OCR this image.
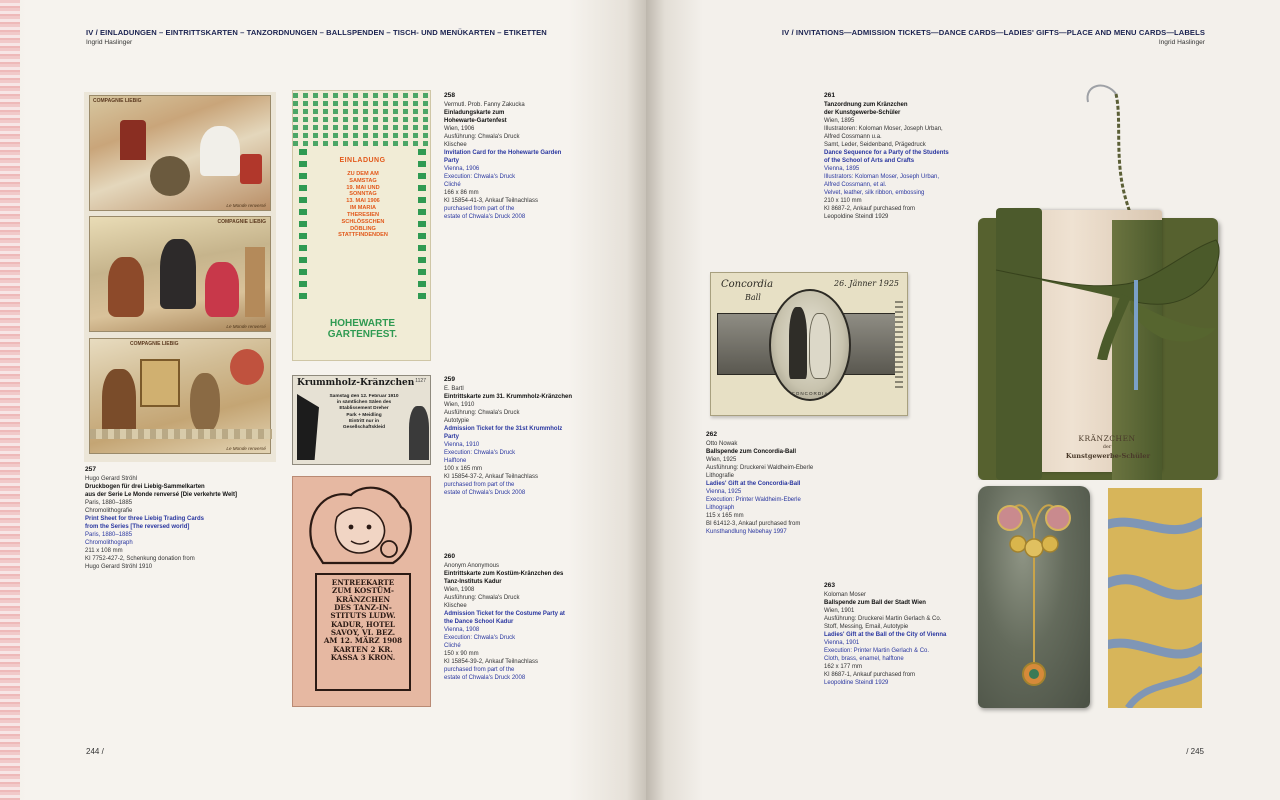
IV / EINLADUNGEN – EINTRITTSKARTEN – TANZORDNUNGEN – BALLSPENDEN – TISCH- UND MENÜKARTEN – ETIKETTEN
Ingrid Haslinger
COMPAGNIE LIEBIG
Le Monde renversé
COMPAGNIE LIEBIG
Le Monde renversé
COMPAGNIE LIEBIG
Le Monde renversé
257
Hugo Gerard Ströhl
Druckbogen für drei Liebig-Sammelkarten
aus der Serie Le Monde renversé [Die verkehrte Welt]
Paris, 1880–1885
Chromolithografie
Print Sheet for three Liebig Trading Cards
from the Series [The reversed world]
Paris, 1880–1885
Chromolithograph
211 x 108 mm
KI 7752-427-2, Schenkung donation from
Hugo Gerard Ströhl 1910
EINLADUNG
ZU DEM AM
SAMSTAG
19. MAI UND
SONNTAG
13. MAI 1906
IM MARIA
THERESIEN
SCHLÖSSCHEN
DÖBLING
STATTFINDENDEN
HOHEWARTE
GARTENFEST.
258
Vermutl. Prob. Fanny Zakucka
Einladungskarte zum
Hohewarte-Gartenfest
Wien, 1906
Ausführung: Chwala's Druck
Klischee
Invitation Card for the Hohewarte Garden
Party
Vienna, 1906
Execution: Chwala's Druck
Cliché
166 x 86 mm
KI 15854-41-3, Ankauf Teilnachlass
purchased from part of the
estate of Chwala's Druck 2008
Krummholz-Kränzchen 1127
Samstag den 12. Februar 1910
in sämtlichen Sälen des
Etablissement Dreher
Park + Meidling
Eintritt nur in
Gesellschaftskleid
259
E. Bartl
Eintrittskarte zum 31. Krummholz-Kränzchen
Wien, 1910
Ausführung: Chwala's Druck
Autotypie
Admission Ticket for the 31st Krummholz
Party
Vienna, 1910
Execution: Chwala's Druck
Halftone
100 x 165 mm
KI 15854-37-2, Ankauf Teilnachlass
purchased from part of the
estate of Chwala's Druck 2008
ENTREEKARTE
ZUM KOSTÜM-
KRÄNZCHEN
DES TANZ-IN-
STITUTS LUDW.
KADUR, HOTEL
SAVOY, VI. BEZ.
AM 12. MÄRZ 1908
KARTEN 2 KR.
KASSA 3 KRON.
260
Anonym Anonymous
Eintrittskarte zum Kostüm-Kränzchen des
Tanz-Instituts Kadur
Wien, 1908
Ausführung: Chwala's Druck
Klischee
Admission Ticket for the Costume Party at
the Dance School Kadur
Vienna, 1908
Execution: Chwala's Druck
Cliché
150 x 90 mm
KI 15854-39-2, Ankauf Teilnachlass
purchased from part of the
estate of Chwala's Druck 2008
244 /
IV / INVITATIONS—ADMISSION TICKETS—DANCE CARDS—LADIES' GIFTS—PLACE AND MENU CARDS—LABELS
Ingrid Haslinger
261
Tanzordnung zum Kränzchen
der Kunstgewerbe-Schüler
Wien, 1895
Illustratoren: Koloman Moser, Joseph Urban,
Alfred Cossmann u.a.
Samt, Leder, Seidenband, Prägedruck
Dance Sequence for a Party of the Students
of the School of Arts and Crafts
Vienna, 1895
Illustrators: Koloman Moser, Joseph Urban,
Alfred Cossmann, et al.
Velvet, leather, silk ribbon, embossing
210 x 110 mm
KI 8687-2, Ankauf purchased from
Leopoldine Steindl 1929
KRÄNZCHEN
der
Kunstgewerbe-Schüler
Concordia
Ball
26. Jänner 1925
CONCORDIA
262
Otto Nowak
Ballspende zum Concordia-Ball
Wien, 1925
Ausführung: Druckerei Waldheim-Eberle
Lithografie
Ladies' Gift at the Concordia-Ball
Vienna, 1925
Execution: Printer Waldheim-Eberle
Lithograph
115 x 165 mm
BI 61412-3, Ankauf purchased from
Kunsthandlung Nebehay 1997
263
Koloman Moser
Ballspende zum Ball der Stadt Wien
Wien, 1901
Ausführung: Druckerei Martin Gerlach & Co.
Stoff, Messing, Email, Autotypie
Ladies' Gift at the Ball of the City of Vienna
Vienna, 1901
Execution: Printer Martin Gerlach & Co.
Cloth, brass, enamel, halftone
162 x 177 mm
KI 8687-1, Ankauf purchased from
Leopoldine Steindl 1929
/ 245
